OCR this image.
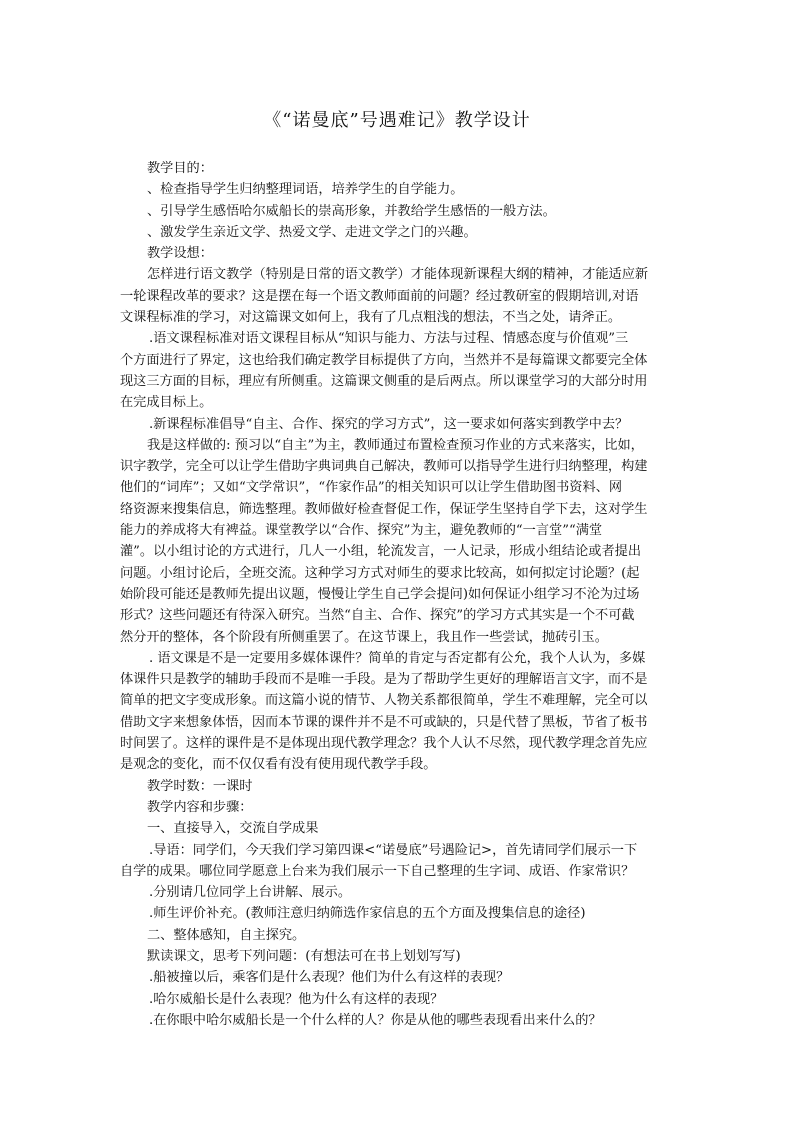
《“诺曼底”号遇难记》教学设计
教学目的：
、检查指导学生归纳整理词语，培养学生的自学能力。
、引导学生感悟哈尔威船长的崇高形象，并教给学生感悟的一般方法。
、激发学生亲近文学、热爱文学、走进文学之门的兴趣。
教学设想：
怎样进行语文教学（特别是日常的语文教学）才能体现新课程大纲的精神，才能适应新
一轮课程改革的要求？这是摆在每一个语文教师面前的问题？经过教研室的假期培训,对语
文课程标准的学习，对这篇课文如何上，我有了几点粗浅的想法，不当之处，请斧正。
.语文课程标准对语文课程目标从“知识与能力、方法与过程、情感态度与价值观”三
个方面进行了界定，这也给我们确定教学目标提供了方向，当然并不是每篇课文都要完全体
现这三方面的目标，理应有所侧重。这篇课文侧重的是后两点。所以课堂学习的大部分时用
在完成目标上。
.新课程标准倡导“自主、合作、探究的学习方式”，这一要求如何落实到教学中去？
我是这样做的: 预习以“自主”为主，教师通过布置检查预习作业的方式来落实，比如，
识字教学，完全可以让学生借助字典词典自己解决，教师可以指导学生进行归纳整理，构建
他们的“词库”；又如“文学常识”，“作家作品”的相关知识可以让学生借助图书资料、网
络资源来搜集信息，筛选整理。教师做好检查督促工作，保证学生坚持自学下去，这对学生
能力的养成将大有裨益。课堂教学以“合作、探究”为主，避免教师的“一言堂”“满堂
灌”。以小组讨论的方式进行，几人一小组，轮流发言，一人记录，形成小组结论或者提出
问题。小组讨论后，全班交流。这种学习方式对师生的要求比较高，如何拟定讨论题？(起
始阶段可能还是教师先提出议题，慢慢让学生自己学会提问)如何保证小组学习不沦为过场
形式？这些问题还有待深入研究。当然“自主、合作、探究”的学习方式其实是一个不可截
然分开的整体，各个阶段有所侧重罢了。在这节课上，我且作一些尝试，抛砖引玉。
. 语文课是不是一定要用多媒体课件？简单的肯定与否定都有公允，我个人认为，多媒
体课件只是教学的辅助手段而不是唯一手段。是为了帮助学生更好的理解语言文字，而不是
简单的把文字变成形象。而这篇小说的情节、人物关系都很简单，学生不难理解，完全可以
借助文字来想象体悟，因而本节课的课件并不是不可或缺的，只是代替了黑板，节省了板书
时间罢了。这样的课件是不是体现出现代教学理念？我个人认不尽然，现代教学理念首先应
是观念的变化，而不仅仅看有没有使用现代教学手段。
教学时数：一课时
教学内容和步骤：
一、直接导入，交流自学成果
.导语：同学们，今天我们学习第四课<“诺曼底”号遇险记>，首先请同学们展示一下
自学的成果。哪位同学愿意上台来为我们展示一下自己整理的生字词、成语、作家常识？
.分别请几位同学上台讲解、展示。
.师生评价补充。(教师注意归纳筛选作家信息的五个方面及搜集信息的途径)
二、整体感知，自主探究。
默读课文，思考下列问题：(有想法可在书上划划写写)
.船被撞以后，乘客们是什么表现？他们为什么有这样的表现？
.哈尔威船长是什么表现？他为什么有这样的表现？
.在你眼中哈尔威船长是一个什么样的人？你是从他的哪些表现看出来什么的？
